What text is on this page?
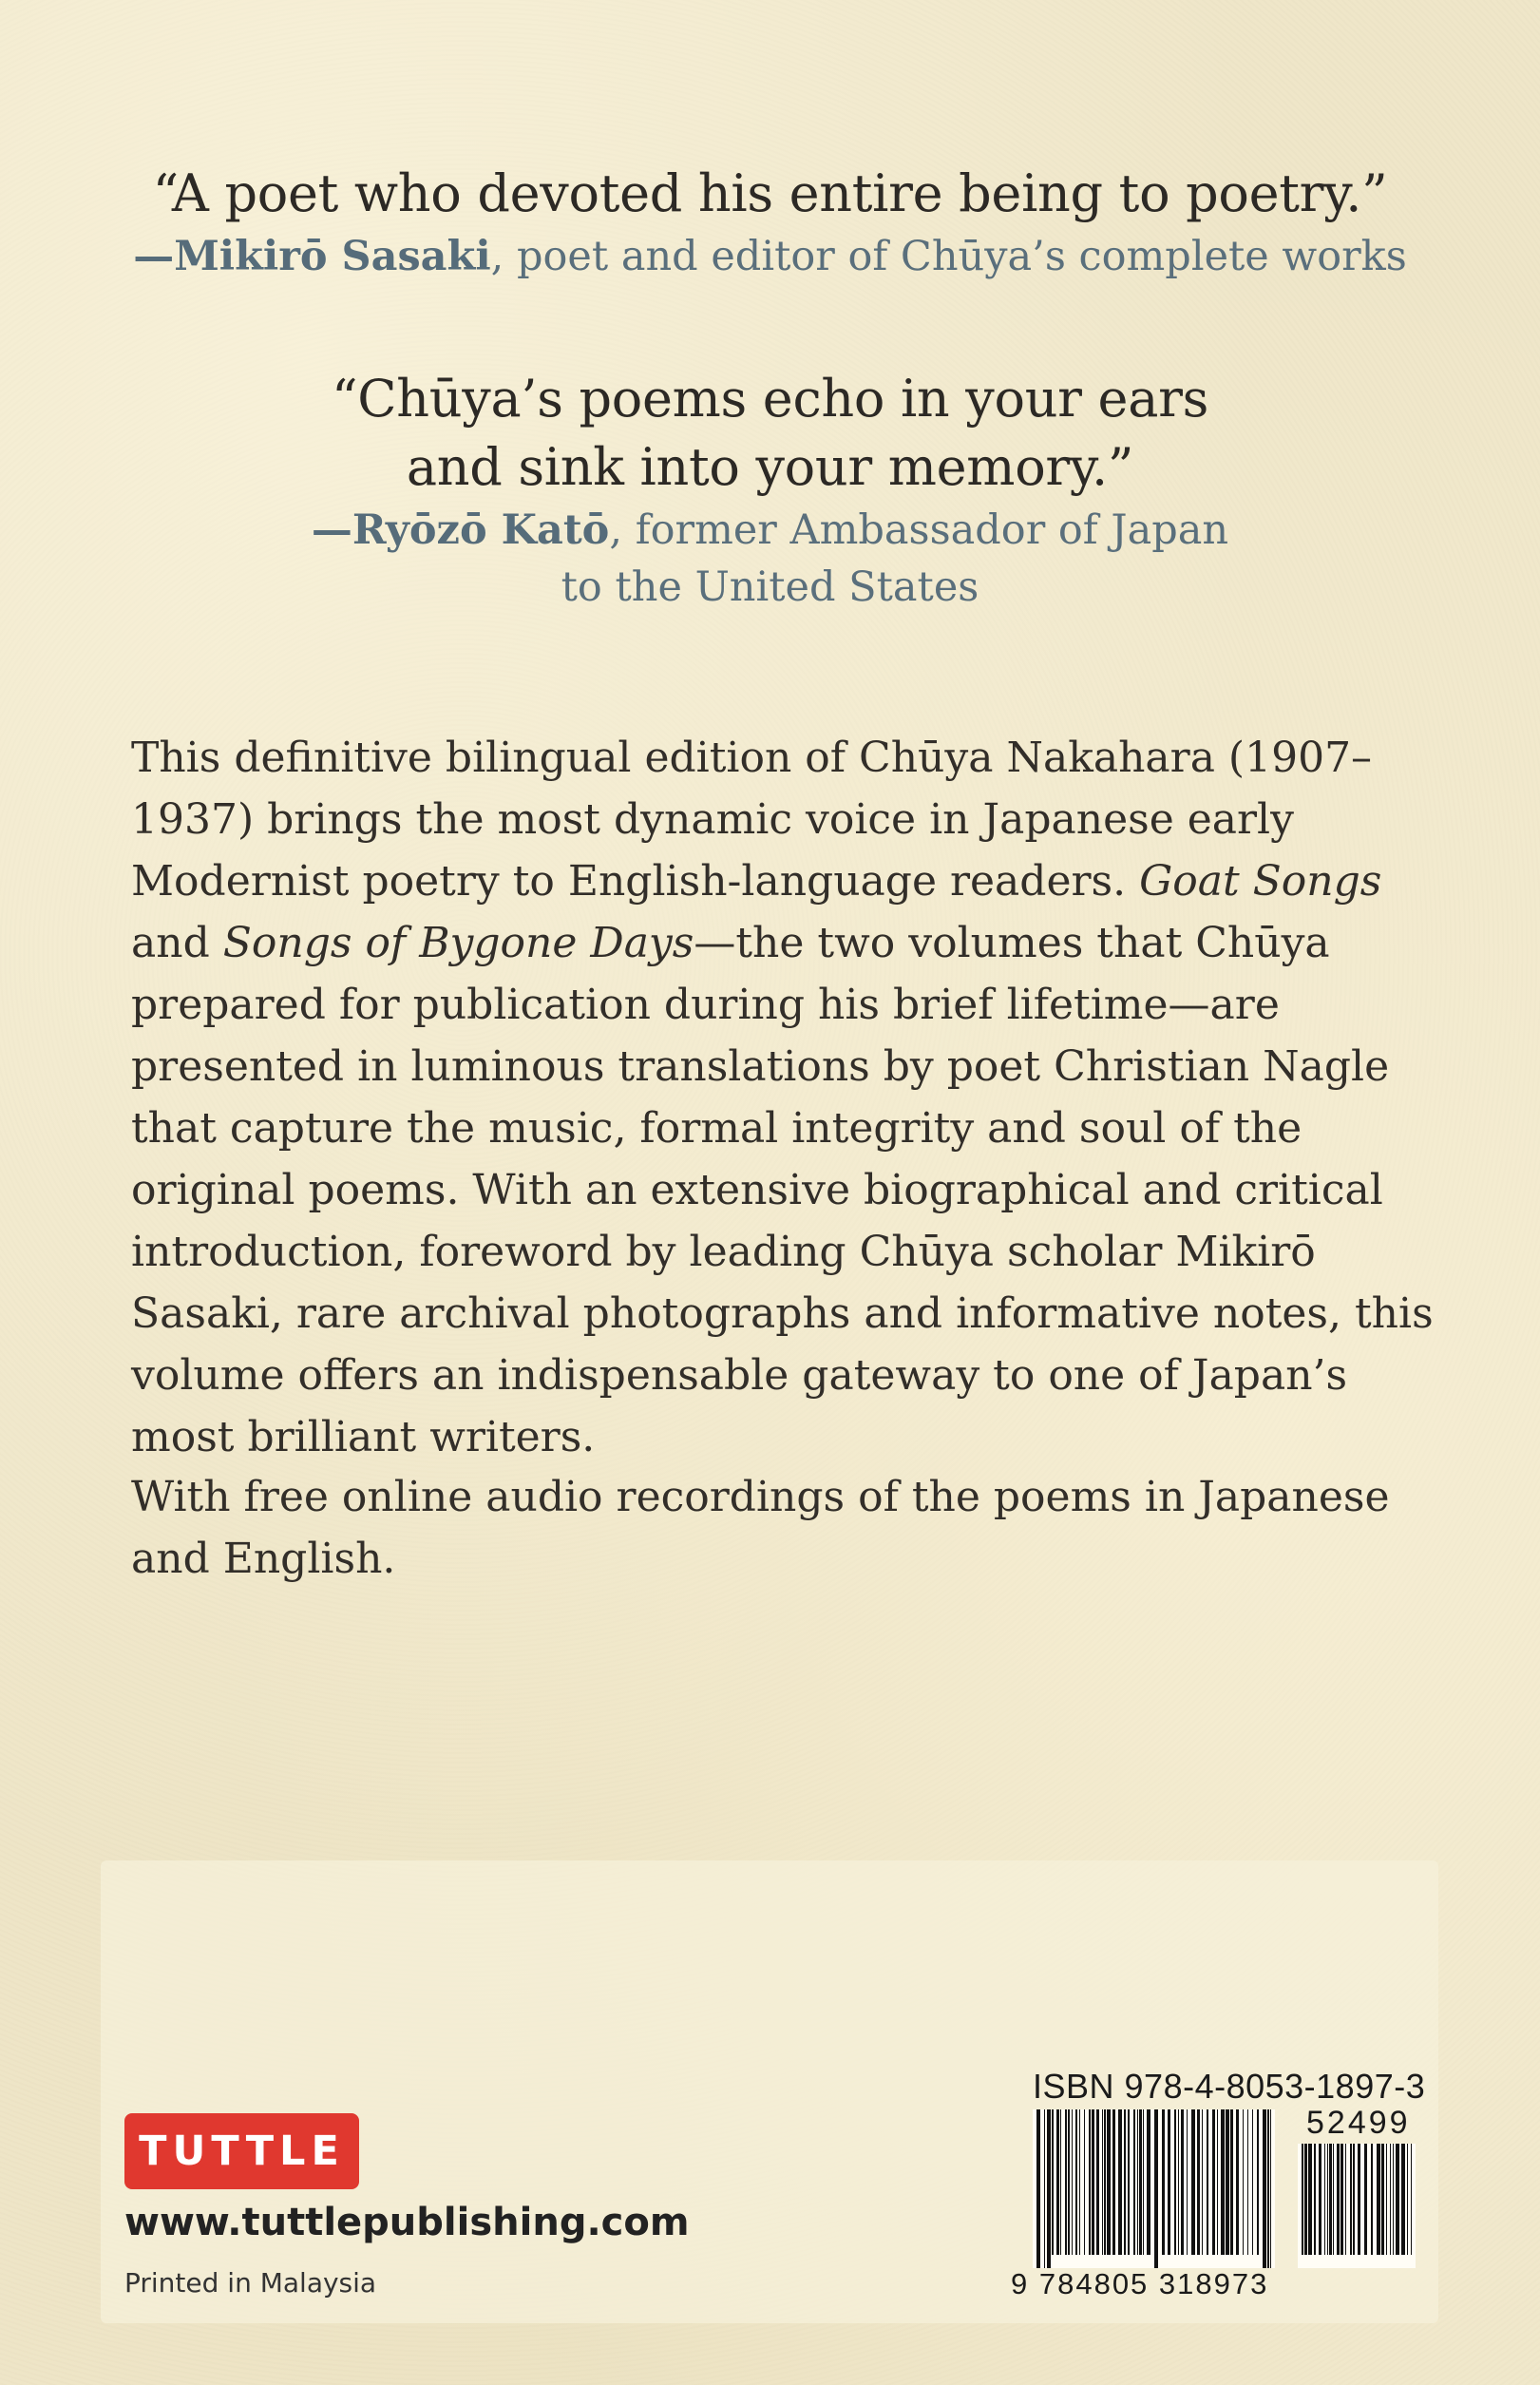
“A poet who devoted his entire being to poetry.”
—Mikirō Sasaki, poet and editor of Chūya’s complete works
“Chūya’s poems echo in your ears
and sink into your memory.”
—Ryōzō Katō, former Ambassador of Japan
to the United States
This definitive bilingual edition of Chūya Nakahara (1907–1937) brings the most dynamic voice in Japanese early Modernist poetry to English-language readers. Goat Songs and Songs of Bygone Days—the two volumes that Chūya prepared for publication during his brief lifetime—are presented in luminous translations by poet Christian Nagle that capture the music, formal integrity and soul of the original poems. With an extensive biographical and critical introduction, foreword by leading Chūya scholar Mikirō Sasaki, rare archival photographs and informative notes, this volume offers an indispensable gateway to one of Japan’s most brilliant writers.
With free online audio recordings of the poems in Japanese and English.
TUTTLE
www.tuttlepublishing.com
Printed in Malaysia
ISBN 978-4-8053-1897-3
52499
9 784805 318973
